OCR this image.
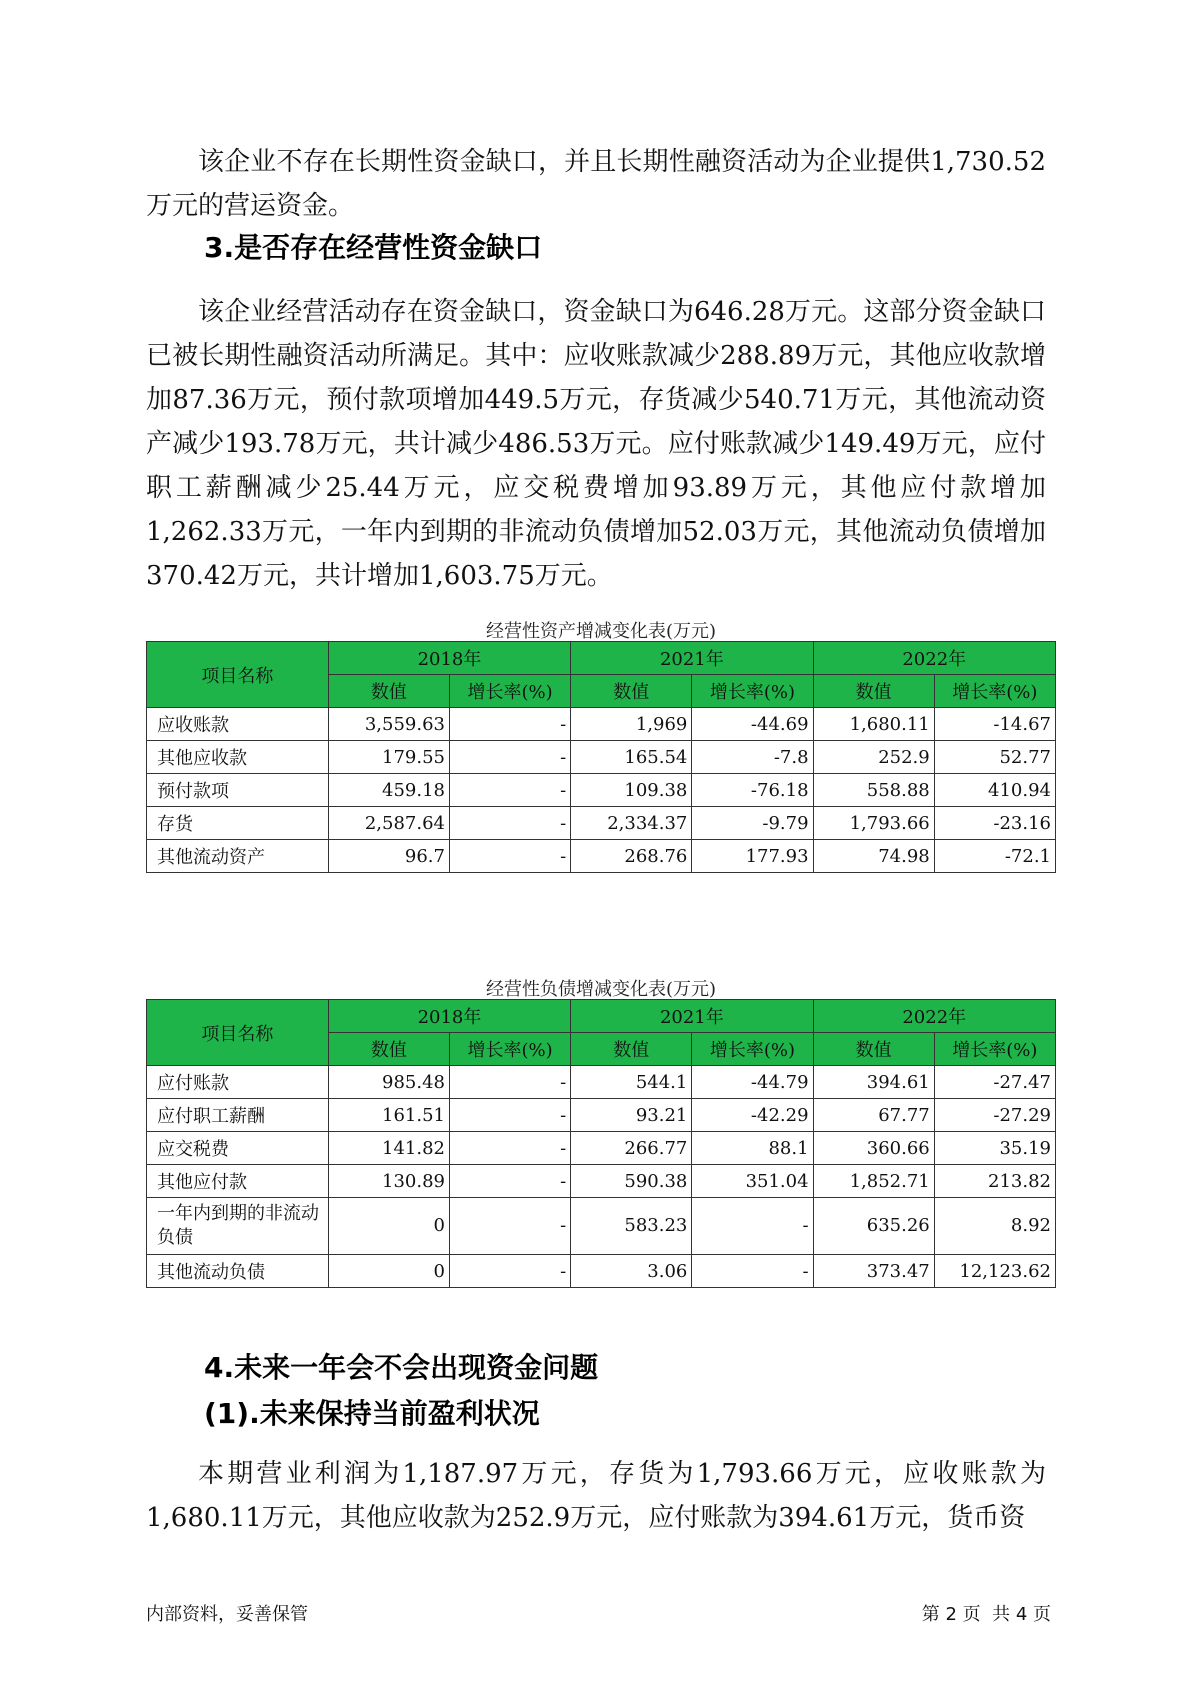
该企业不存在长期性资金缺口，并且长期性融资活动为企业提供1,730.52万元的营运资金。

3.是否存在经营性资金缺口

该企业经营活动存在资金缺口，资金缺口为646.28万元。这部分资金缺口已被长期性融资活动所满足。其中：应收账款减少288.89万元，其他应收款增加87.36万元，预付款项增加449.5万元，存货减少540.71万元，其他流动资产减少193.78万元，共计减少486.53万元。应付账款减少149.49万元，应付职工薪酬减少25.44万元，应交税费增加93.89万元，其他应付款增加1,262.33万元，一年内到期的非流动负债增加52.03万元，其他流动负债增加370.42万元，共计增加1,603.75万元。

经营性资产增减变化表(万元)
项目名称	2018年		2021年		2022年	
	数值	增长率(%)	数值	增长率(%)	数值	增长率(%)
应收账款	3,559.63	-	1,969	-44.69	1,680.11	-14.67
其他应收款	179.55	-	165.54	-7.8	252.9	52.77
预付款项	459.18	-	109.38	-76.18	558.88	410.94
存货	2,587.64	-	2,334.37	-9.79	1,793.66	-23.16
其他流动资产	96.7	-	268.76	177.93	74.98	-72.1
经营性负债增减变化表(万元)
项目名称	2018年		2021年		2022年	
	数值	增长率(%)	数值	增长率(%)	数值	增长率(%)
应付账款	985.48	-	544.1	-44.79	394.61	-27.47
应付职工薪酬	161.51	-	93.21	-42.29	67.77	-27.29
应交税费	141.82	-	266.77	88.1	360.66	35.19
其他应付款	130.89	-	590.38	351.04	1,852.71	213.82
一年内到期的非流动负债	0	-	583.23	-	635.26	8.92
其他流动负债	0	-	3.06	-	373.47	12,123.62
4.未来一年会不会出现资金问题
(1).未来保持当前盈利状况

本期营业利润为1,187.97万元，存货为1,793.66万元，应收账款为1,680.11万元，其他应收款为252.9万元，应付账款为394.61万元，货币资

内部资料，妥善保管	第 2 页  共 4 页
